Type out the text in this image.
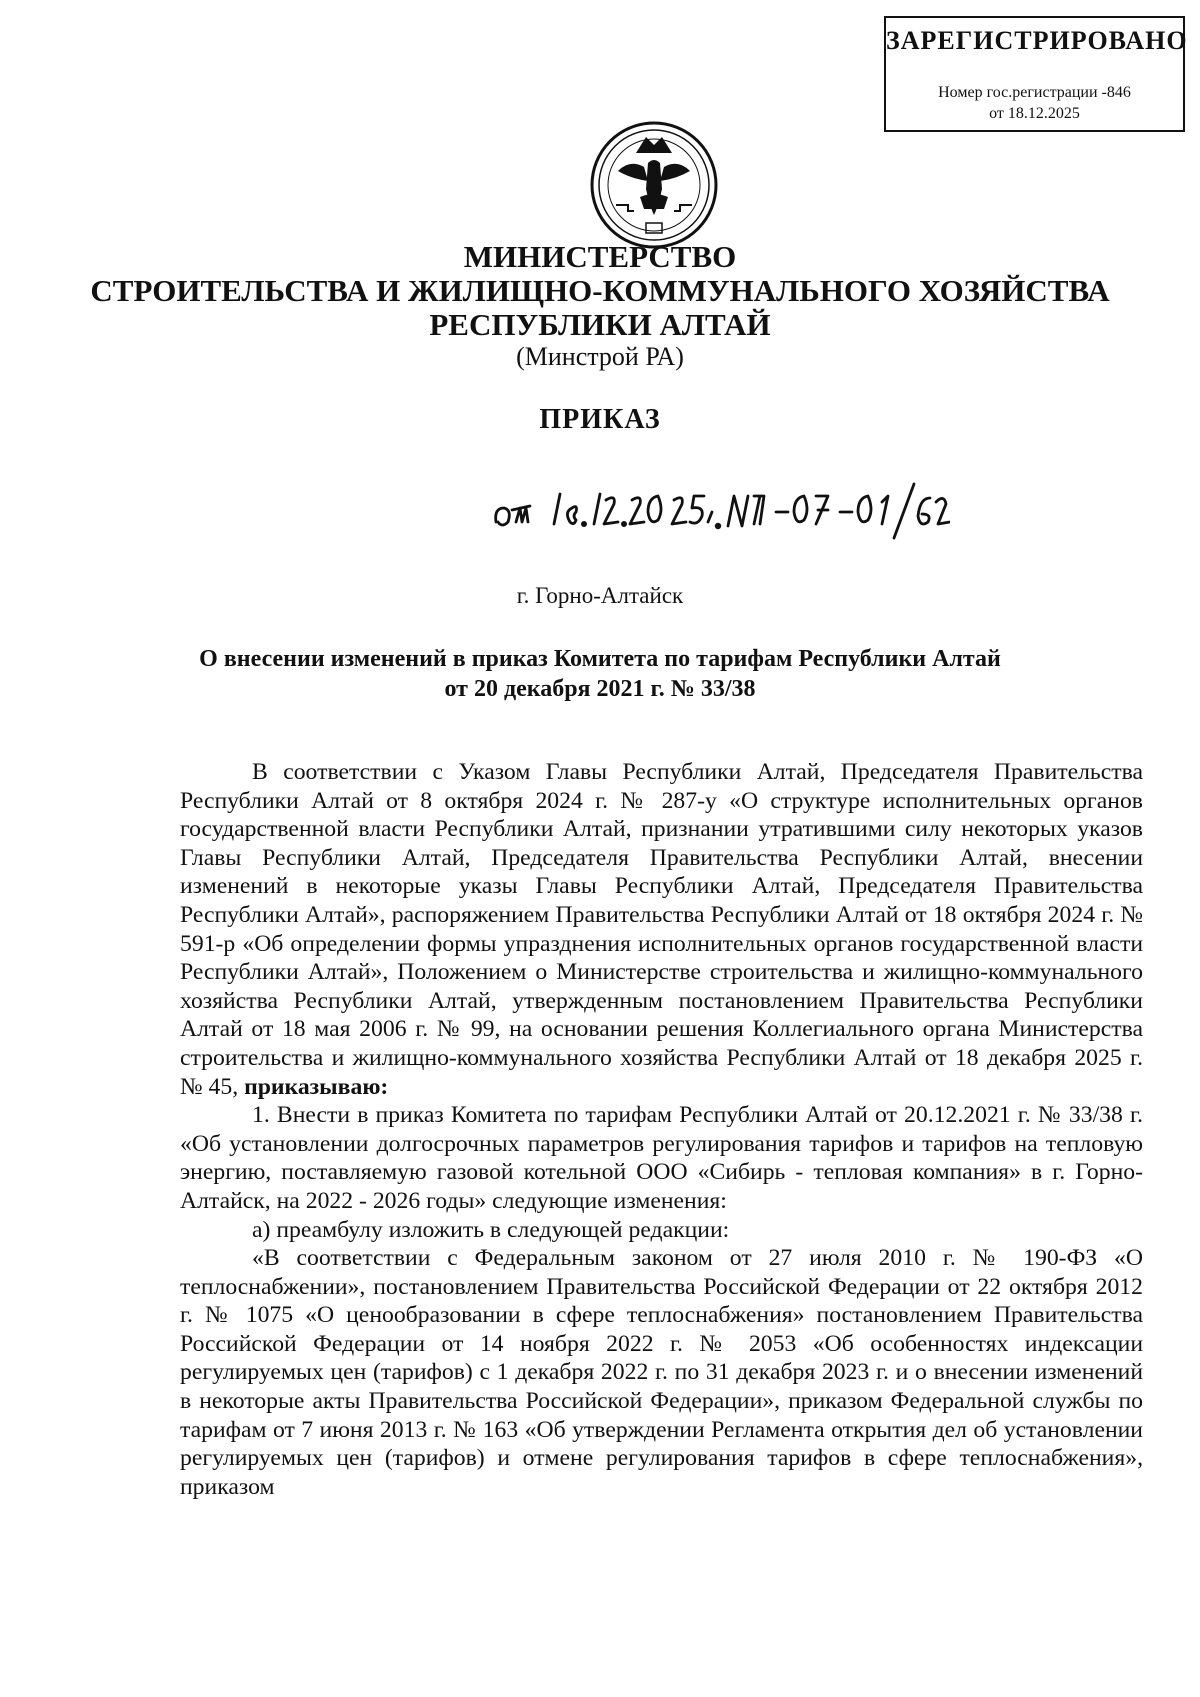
ЗАРЕГИСТРИРОВАНО
Номер гос.регистрации -846
от 18.12.2025
МИНИСТЕРСТВО
СТРОИТЕЛЬСТВА И ЖИЛИЩНО-КОММУНАЛЬНОГО ХОЗЯЙСТВА
РЕСПУБЛИКИ АЛТАЙ
(Минстрой РА)
ПРИКАЗ
г. Горно-Алтайск
О внесении изменений в приказ Комитета по тарифам Республики Алтай
от 20 декабря 2021 г. № 33/38

В соответствии с Указом Главы Республики Алтай, Председателя Правительства Республики Алтай от 8 октября 2024 г. № 287-у «О структуре исполнительных органов государственной власти Республики Алтай, признании утратившими силу некоторых указов Главы Республики Алтай, Председателя Правительства Республики Алтай, внесении изменений в некоторые указы Главы Республики Алтай, Председателя Правительства Республики Алтай», распоряжением Правительства Республики Алтай от 18 октября 2024 г. № 591-р «Об определении формы упразднения исполнительных органов государственной власти Республики Алтай», Положением о Министерстве строительства и жилищно-коммунального хозяйства Республики Алтай, утвержденным постановлением Правительства Республики Алтай от 18 мая 2006 г. № 99, на основании решения Коллегиального органа Министерства строительства и жилищно-коммунального хозяйства Республики Алтай от 18 декабря 2025 г. № 45, приказываю:

1. Внести в приказ Комитета по тарифам Республики Алтай от 20.12.2021 г. № 33/38 г. «Об установлении долгосрочных параметров регулирования тарифов и тарифов на тепловую энергию, поставляемую газовой котельной ООО «Сибирь - тепловая компания» в г. Горно-Алтайск, на 2022 - 2026 годы» следующие изменения:

а) преамбулу изложить в следующей редакции:

«В соответствии с Федеральным законом от 27 июля 2010 г. № 190-ФЗ «О теплоснабжении», постановлением Правительства Российской Федерации от 22 октября 2012 г. № 1075 «О ценообразовании в сфере теплоснабжения» постановлением Правительства Российской Федерации от 14 ноября 2022 г. № 2053 «Об особенностях индексации регулируемых цен (тарифов) с 1 декабря 2022 г. по 31 декабря 2023 г. и о внесении изменений в некоторые акты Правительства Российской Федерации», приказом Федеральной службы по тарифам от 7 июня 2013 г. № 163 «Об утверждении Регламента открытия дел об установлении регулируемых цен (тарифов) и отмене регулирования тарифов в сфере теплоснабжения», приказом
